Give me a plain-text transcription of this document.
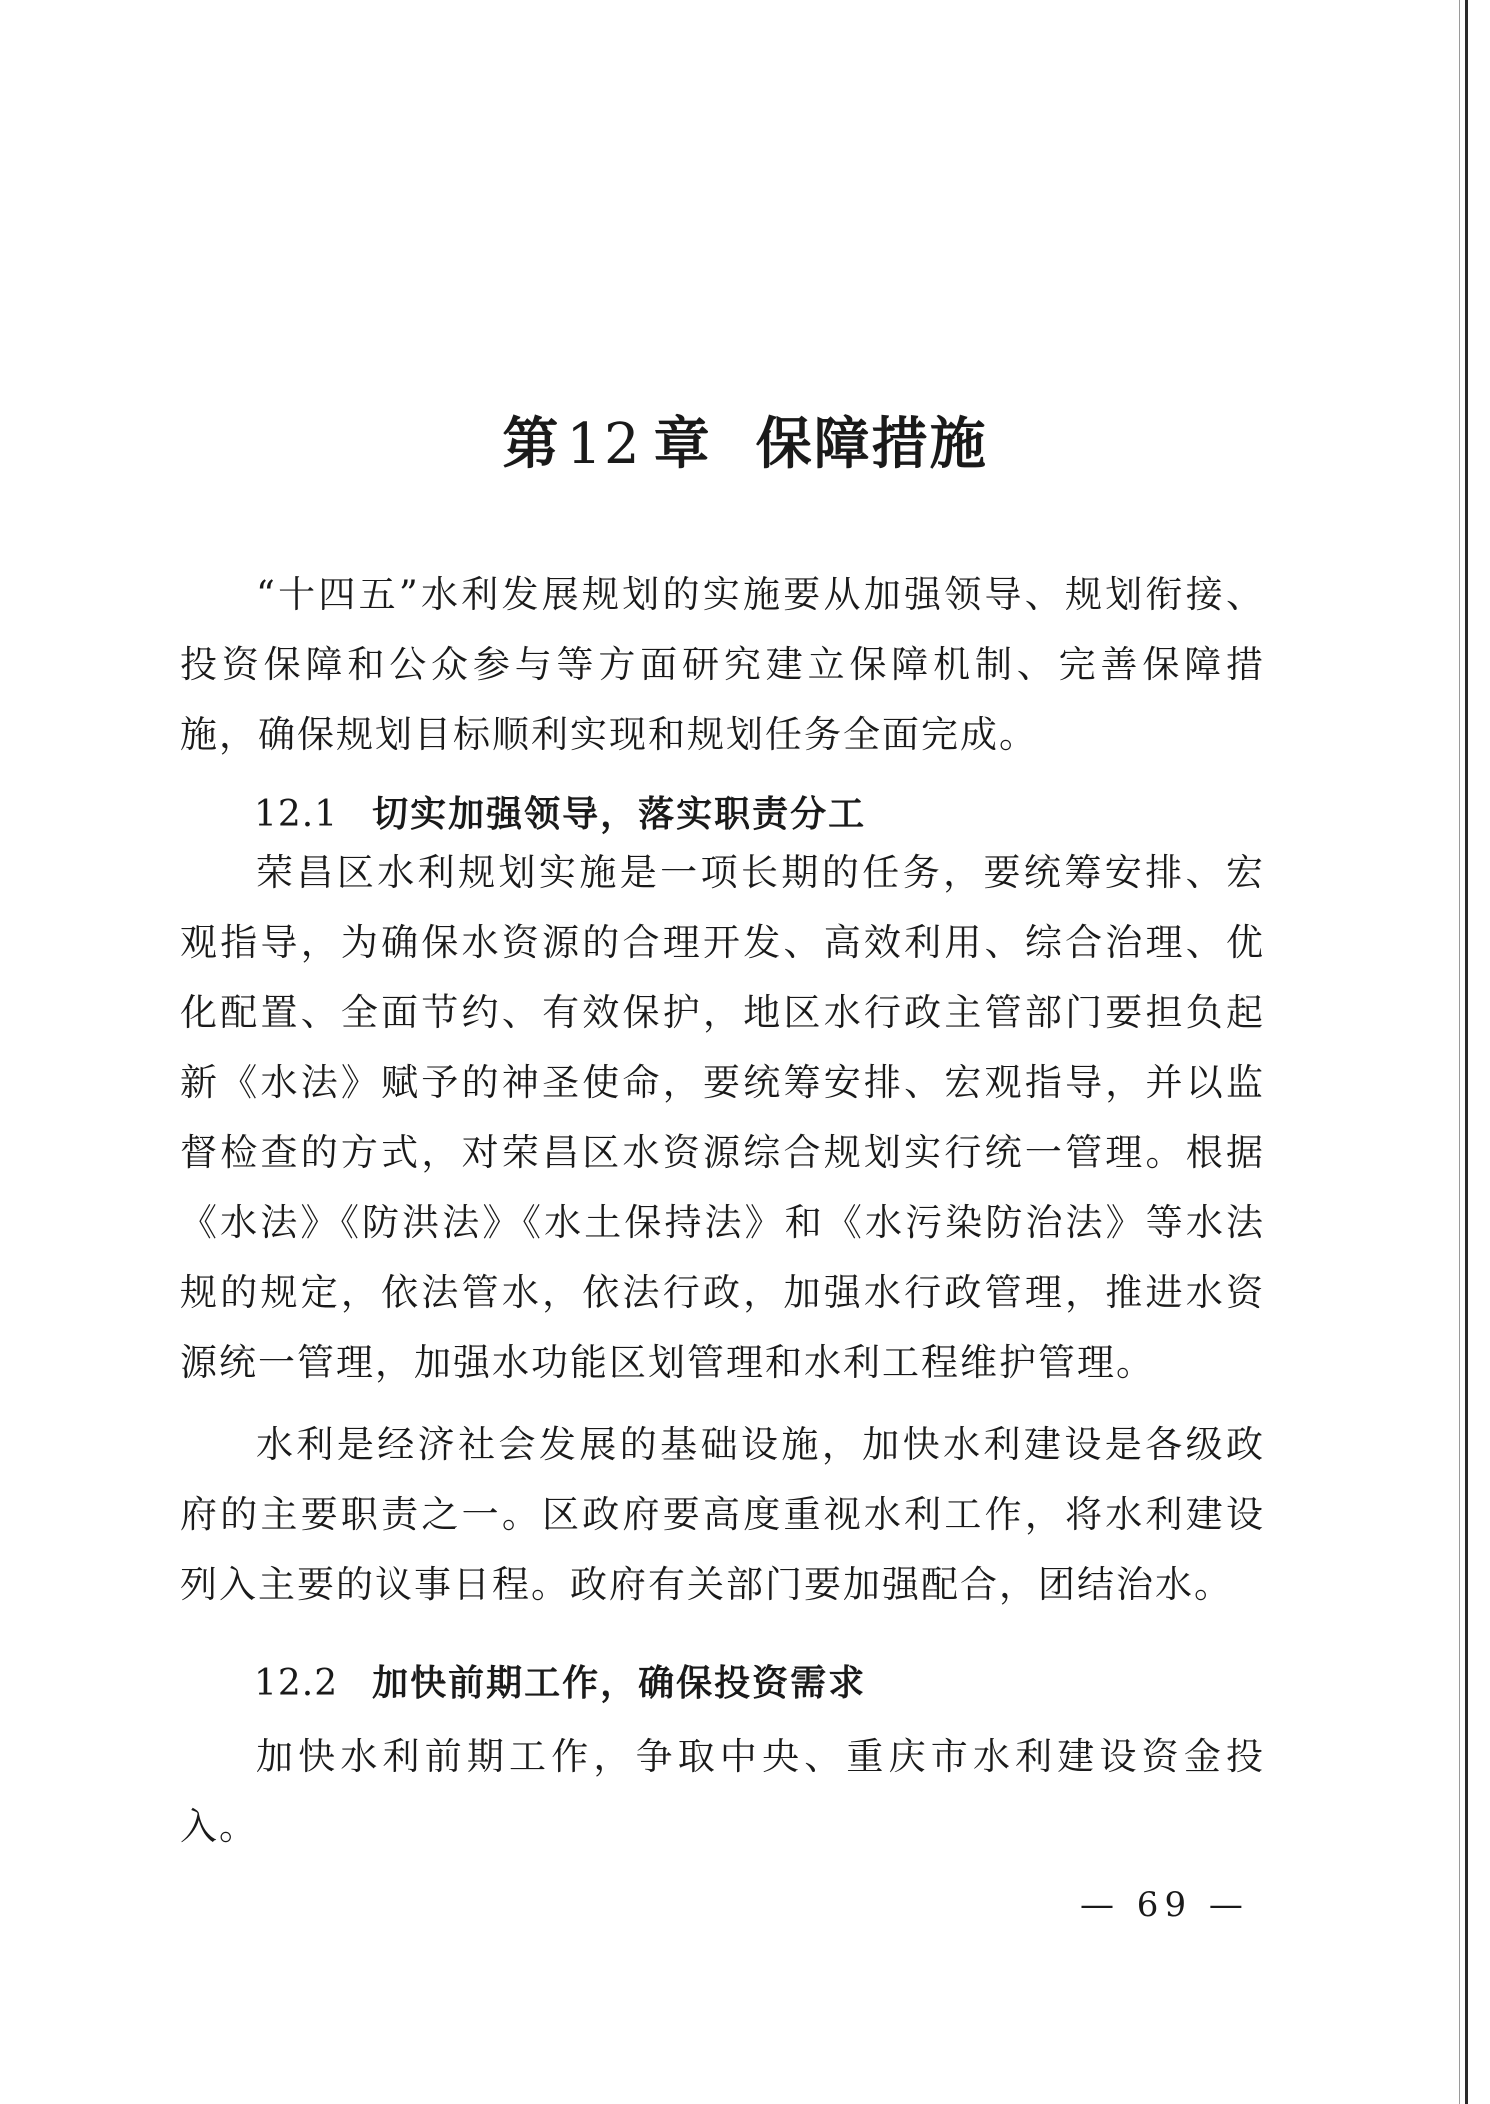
第 12 章 保障措施

“十四五”水利发展规划的实施要从加强领导、规划衔接、投资保障和公众参与等方面研究建立保障机制、完善保障措施，确保规划目标顺利实现和规划任务全面完成。

12.1 切实加强领导，落实职责分工

荣昌区水利规划实施是一项长期的任务，要统筹安排、宏观指导，为确保水资源的合理开发、高效利用、综合治理、优化配置、全面节约、有效保护，地区水行政主管部门要担负起新《水法》赋予的神圣使命，要统筹安排、宏观指导，并以监督检查的方式，对荣昌区水资源综合规划实行统一管理。根据《水法》《防洪法》《水土保持法》和《水污染防治法》等水法规的规定，依法管水，依法行政，加强水行政管理，推进水资源统一管理，加强水功能区划管理和水利工程维护管理。

水利是经济社会发展的基础设施，加快水利建设是各级政府的主要职责之一。区政府要高度重视水利工作，将水利建设列入主要的议事日程。政府有关部门要加强配合，团结治水。

12.2 加快前期工作，确保投资需求

加快水利前期工作，争取中央、重庆市水利建设资金投入。

— 69 —
